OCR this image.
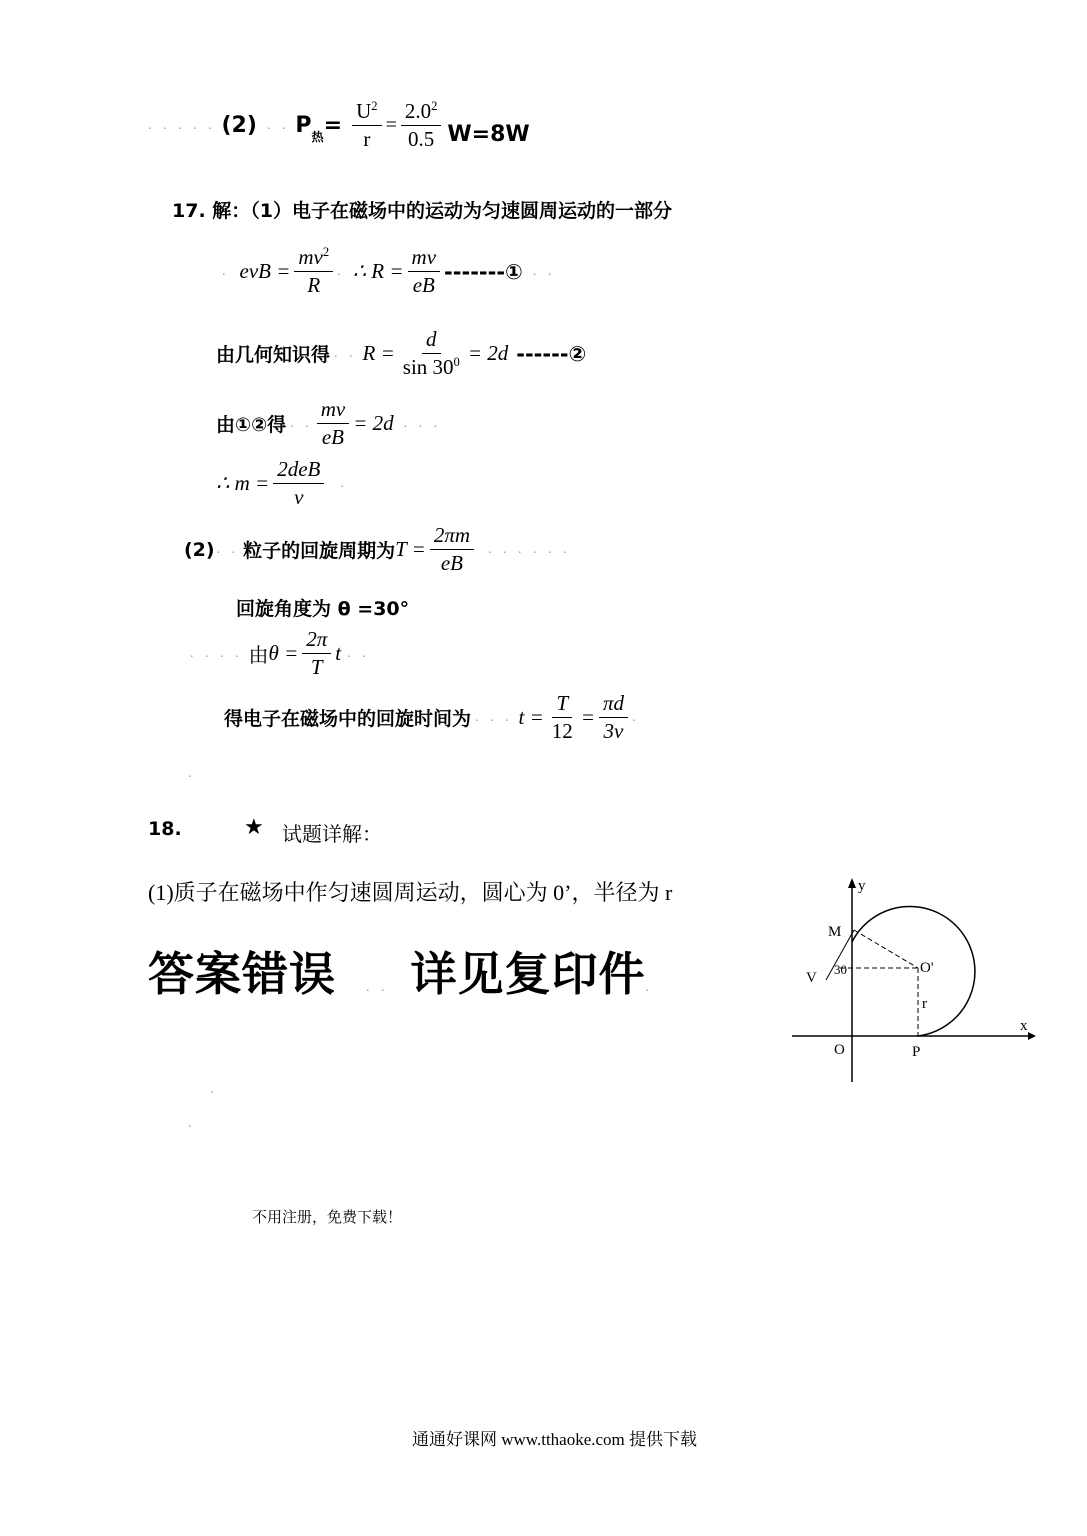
. . . . . (2) . . $P_热 = \frac{U^2}{r} = \frac{2.0^2}{0.5} W=8W$
17. 解：（1）电子在磁场中的运动为匀速圆周运动的一部分
. evB = $\frac{mv^2}{R}$ . ∴ $R = \frac{mv}{eB}$ -------① . .
由几何知识得 . . $R = \frac{d}{\sin 30^0} = 2d$ ------②
由①②得 . . $\frac{mv}{eB} = 2d$ . . .
∴ $m = \frac{\text{2deB}}{v}$ .
(2) . . 粒子的回旋周期为 $T = \frac{2\pi m}{eB}$ . . . . . .
回旋角度为 θ =30°
. . . . 由 $\theta = \frac{2\pi}{T}$ t . .
得电子在磁场中的回旋时间为 . . . $t = \frac{T}{12} = \frac{\pi d}{3v}$ .
.
18.	★ 试题详解：
(1)质子在磁场中作匀速圆周运动，圆心为 0’，半径为 r
答案错误 . . 详见复印件 .
x
y
M
V
30	O'
r
O	P
.
.
不用注册，免费下载！
通通好课网 www.tthaoke.com 提供下载
